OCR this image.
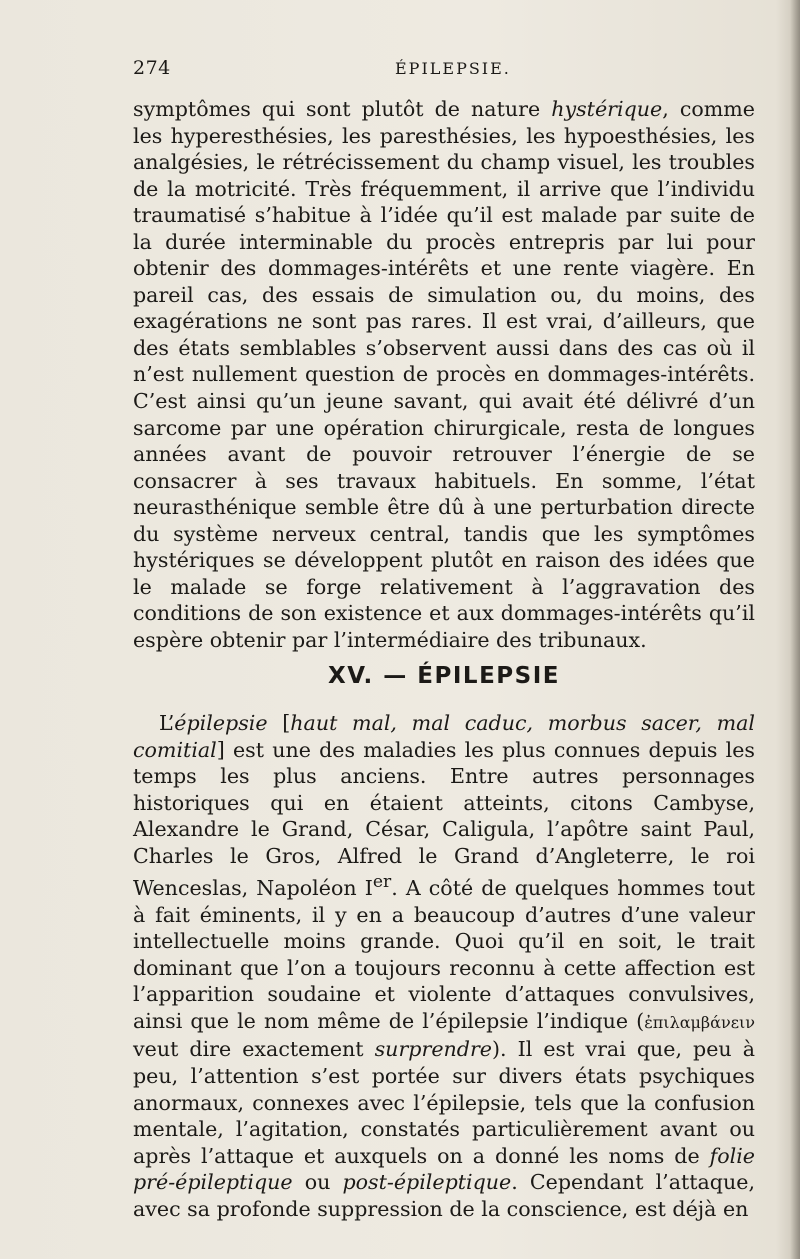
274	ÉPILEPSIE.

symptômes qui sont plutôt de nature hystérique, comme les hyperesthésies, les paresthésies, les hypoesthésies, les analgésies, le rétrécissement du champ visuel, les troubles de la motricité. Très fréquemment, il arrive que l’individu traumatisé s’habitue à l’idée qu’il est malade par suite de la durée interminable du procès entrepris par lui pour obtenir des dommages-intérêts et une rente viagère. En pareil cas, des essais de simulation ou, du moins, des exagérations ne sont pas rares. Il est vrai, d’ailleurs, que des états semblables s’observent aussi dans des cas où il n’est nullement question de procès en dommages-intérêts. C’est ainsi qu’un jeune savant, qui avait été délivré d’un sarcome par une opération chirurgicale, resta de longues années avant de pouvoir retrouver l’énergie de se consacrer à ses travaux habituels. En somme, l’état neurasthénique semble être dû à une perturbation directe du système nerveux central, tandis que les symptômes hystériques se développent plutôt en raison des idées que le malade se forge relativement à l’aggravation des conditions de son existence et aux dommages-intérêts qu’il espère obtenir par l’intermédiaire des tribunaux.

XV. — ÉPILEPSIE

L’épilepsie [haut mal, mal caduc, morbus sacer, mal comitial] est une des maladies les plus connues depuis les temps les plus anciens. Entre autres personnages historiques qui en étaient atteints, citons Cambyse, Alexandre le Grand, César, Caligula, l’apôtre saint Paul, Charles le Gros, Alfred le Grand d’Angleterre, le roi Wenceslas, Napoléon Ier. A côté de quelques hommes tout à fait éminents, il y en a beaucoup d’autres d’une valeur intellectuelle moins grande. Quoi qu’il en soit, le trait dominant que l’on a toujours reconnu à cette affection est l’apparition soudaine et violente d’attaques convulsives, ainsi que le nom même de l’épilepsie l’indique (ἐπιλαμβάνειν veut dire exactement surprendre). Il est vrai que, peu à peu, l’attention s’est portée sur divers états psychiques anormaux, connexes avec l’épilepsie, tels que la confusion mentale, l’agitation, constatés particulièrement avant ou après l’attaque et auxquels on a donné les noms de folie pré-épileptique ou post-épileptique. Cependant l’attaque, avec sa profonde suppression de la conscience, est déjà en
